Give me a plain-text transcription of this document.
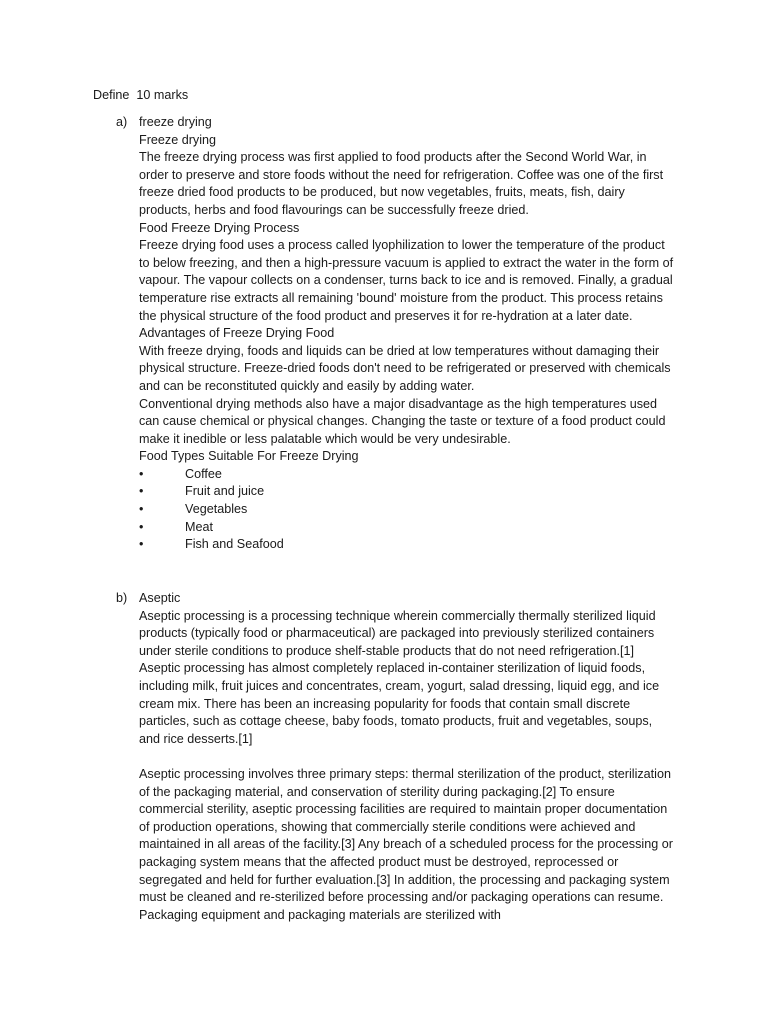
Define  10 marks
a) freeze drying
Freeze drying

The freeze drying process was first applied to food products after the Second World War, in order to preserve and store foods without the need for refrigeration. Coffee was one of the first freeze dried food products to be produced, but now vegetables, fruits, meats, fish, dairy products, herbs and food flavourings can be successfully freeze dried.

Food Freeze Drying Process

Freeze drying food uses a process called lyophilization to lower the temperature of the product to below freezing, and then a high-pressure vacuum is applied to extract the water in the form of vapour. The vapour collects on a condenser, turns back to ice and is removed. Finally, a gradual temperature rise extracts all remaining 'bound' moisture from the product. This process retains the physical structure of the food product and preserves it for re-hydration at a later date.

Advantages of Freeze Drying Food

With freeze drying, foods and liquids can be dried at low temperatures without damaging their physical structure. Freeze-dried foods don't need to be refrigerated or preserved with chemicals and can be reconstituted quickly and easily by adding water.

Conventional drying methods also have a major disadvantage as the high temperatures used can cause chemical or physical changes. Changing the taste or texture of a food product could make it inedible or less palatable which would be very undesirable.

Food Types Suitable For Freeze Drying
•	Coffee
•	Fruit and juice
•	Vegetables
•	Meat
•	Fish and Seafood
b) Aseptic

Aseptic processing is a processing technique wherein commercially thermally sterilized liquid products (typically food or pharmaceutical) are packaged into previously sterilized containers under sterile conditions to produce shelf-stable products that do not need refrigeration.[1] Aseptic processing has almost completely replaced in-container sterilization of liquid foods, including milk, fruit juices and concentrates, cream, yogurt, salad dressing, liquid egg, and ice cream mix. There has been an increasing popularity for foods that contain small discrete particles, such as cottage cheese, baby foods, tomato products, fruit and vegetables, soups, and rice desserts.[1]

Aseptic processing involves three primary steps: thermal sterilization of the product, sterilization of the packaging material, and conservation of sterility during packaging.[2] To ensure commercial sterility, aseptic processing facilities are required to maintain proper documentation of production operations, showing that commercially sterile conditions were achieved and maintained in all areas of the facility.[3] Any breach of a scheduled process for the processing or packaging system means that the affected product must be destroyed, reprocessed or segregated and held for further evaluation.[3] In addition, the processing and packaging system must be cleaned and re-sterilized before processing and/or packaging operations can resume. Packaging equipment and packaging materials are sterilized with
